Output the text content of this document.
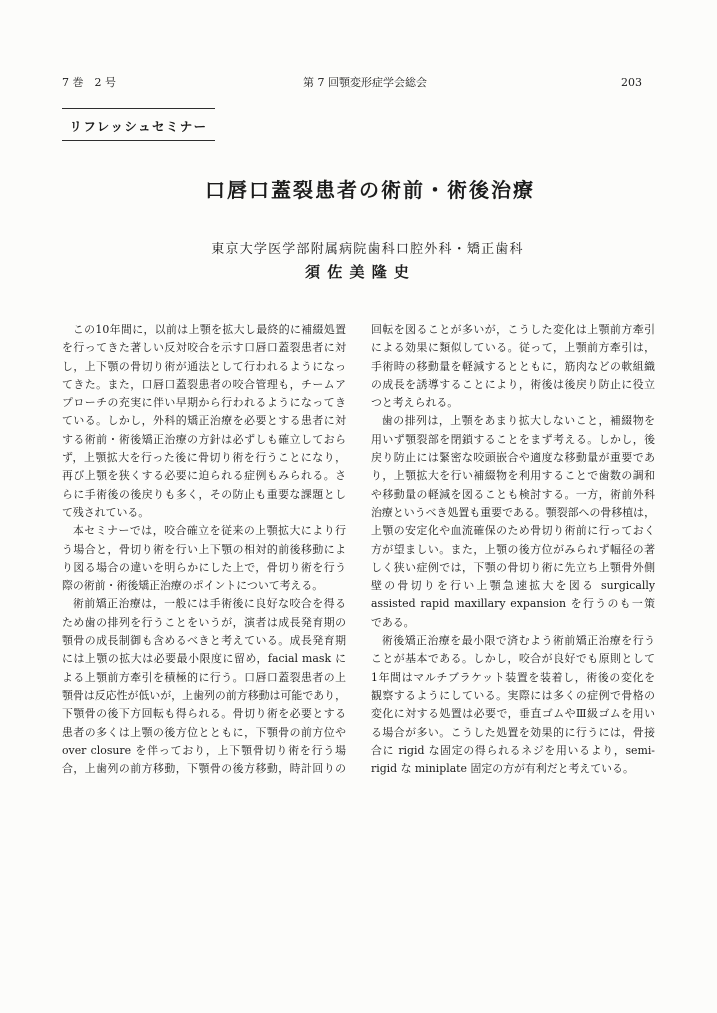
7 巻　2 号	第 7 回顎変形症学会総会	203
リフレッシュセミナー
口唇口蓋裂患者の術前・術後治療
東京大学医学部附属病院歯科口腔外科・矯正歯科
須 佐 美 隆 史
この10年間に，以前は上顎を拡大し最終的に補綴処置
を行ってきた著しい反対咬合を示す口唇口蓋裂患者に対
し，上下顎の骨切り術が通法として行われるようになっ
てきた。また，口唇口蓋裂患者の咬合管理も，チームア
プローチの充実に伴い早期から行われるようになってき
ている。しかし，外科的矯正治療を必要とする患者に対
する術前・術後矯正治療の方針は必ずしも確立しておら
ず，上顎拡大を行った後に骨切り術を行うことになり，
再び上顎を狭くする必要に迫られる症例もみられる。さ
らに手術後の後戻りも多く，その防止も重要な課題とし
て残されている。
本セミナーでは，咬合確立を従来の上顎拡大により行
う場合と，骨切り術を行い上下顎の相対的前後移動によ
り図る場合の違いを明らかにした上で，骨切り術を行う
際の術前・術後矯正治療のポイントについて考える。
術前矯正治療は，一般には手術後に良好な咬合を得る
ため歯の排列を行うことをいうが，演者は成長発育期の
顎骨の成長制御も含めるべきと考えている。成長発育期
には上顎の拡大は必要最小限度に留め，facial mask に
よる上顎前方牽引を積極的に行う。口唇口蓋裂患者の上
顎骨は反応性が低いが，上歯列の前方移動は可能であり，
下顎骨の後下方回転も得られる。骨切り術を必要とする
患者の多くは上顎の後方位とともに，下顎骨の前方位や
over closure を伴っており，上下顎骨切り術を行う場
合，上歯列の前方移動，下顎骨の後方移動，時計回りの
回転を図ることが多いが，こうした変化は上顎前方牽引
による効果に類似している。従って，上顎前方牽引は，
手術時の移動量を軽減するとともに，筋肉などの軟組織
の成長を誘導することにより，術後は後戻り防止に役立
つと考えられる。
歯の排列は，上顎をあまり拡大しないこと，補綴物を
用いず顎裂部を閉鎖することをまず考える。しかし，後
戻り防止には緊密な咬頭嵌合や適度な移動量が重要であ
り，上顎拡大を行い補綴物を利用することで歯数の調和
や移動量の軽減を図ることも検討する。一方，術前外科
治療というべき処置も重要である。顎裂部への骨移植は，
上顎の安定化や血流確保のため骨切り術前に行っておく
方が望ましい。また，上顎の後方位がみられず幅径の著
しく狭い症例では，下顎の骨切り術に先立ち上顎骨外側
壁の骨切りを行い上顎急速拡大を図る surgically
assisted rapid maxillary expansion を行うのも一策
である。
術後矯正治療を最小限で済むよう術前矯正治療を行う
ことが基本である。しかし，咬合が良好でも原則として
1年間はマルチブラケット装置を装着し，術後の変化を
観察するようにしている。実際には多くの症例で骨格の
変化に対する処置は必要で，垂直ゴムやⅢ級ゴムを用い
る場合が多い。こうした処置を効果的に行うには，骨接
合に rigid な固定の得られるネジを用いるより，semi-
rigid な miniplate 固定の方が有利だと考えている。
